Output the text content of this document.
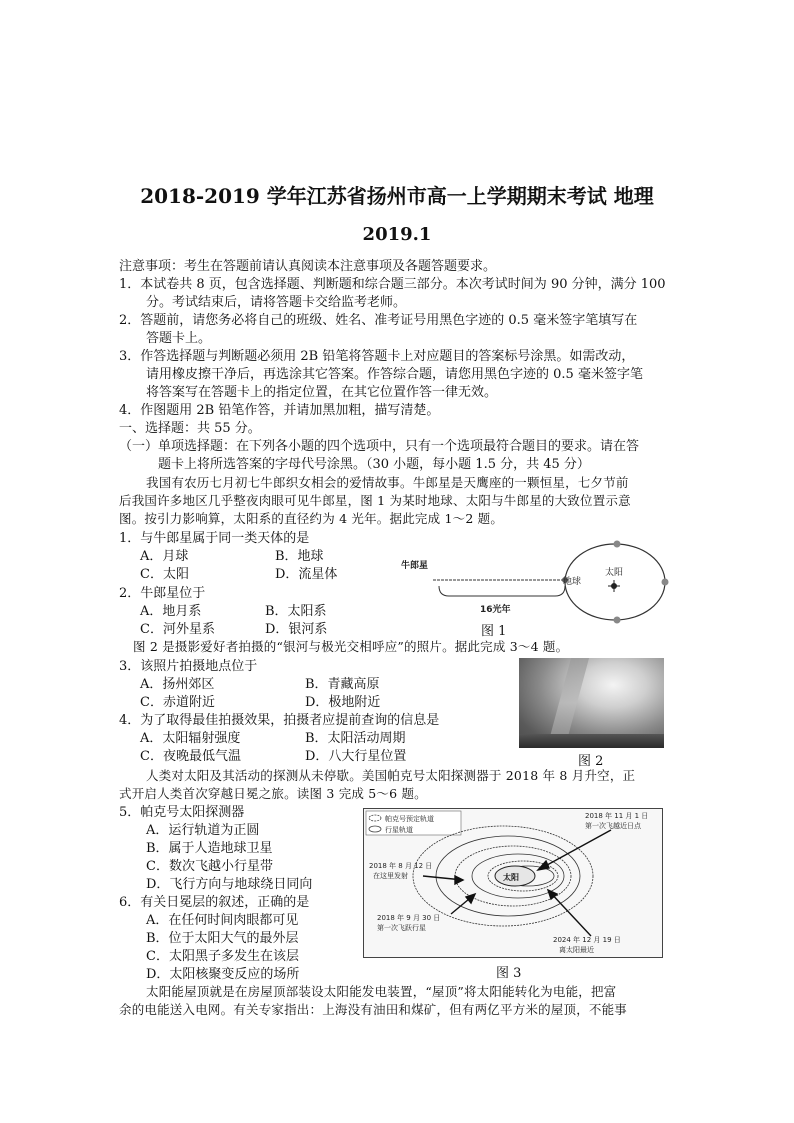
2018-2019 学年江苏省扬州市高一上学期期末考试 地理
2019.1
注意事项：考生在答题前请认真阅读本注意事项及各题答题要求。
1．本试卷共 8 页，包含选择题、判断题和综合题三部分。本次考试时间为 90 分钟，满分 100
分。考试结束后，请将答题卡交给监考老师。
2．答题前，请您务必将自己的班级、姓名、准考证号用黑色字迹的 0.5 毫米签字笔填写在
答题卡上。
3．作答选择题与判断题必须用 2B 铅笔将答题卡上对应题目的答案标号涂黑。如需改动，
请用橡皮擦干净后，再选涂其它答案。作答综合题，请您用黑色字迹的 0.5 毫米签字笔
将答案写在答题卡上的指定位置，在其它位置作答一律无效。
4．作图题用 2B 铅笔作答，并请加黑加粗，描写清楚。
一、选择题：共 55 分。
（一）单项选择题：在下列各小题的四个选项中，只有一个选项最符合题目的要求。请在答
题卡上将所选答案的字母代号涂黑。（30 小题，每小题 1.5 分，共 45 分）
我国有农历七月初七牛郎织女相会的爱情故事。牛郎星是天鹰座的一颗恒星，七夕节前
后我国许多地区几乎整夜肉眼可见牛郎星，图 1 为某时地球、太阳与牛郎星的大致位置示意
图。按引力影响算，太阳系的直径约为 4 光年。据此完成 1～2 题。
1．与牛郎星属于同一类天体的是
A．月球	B．地球
C．太阳	D．流星体
2．牛郎星位于
A．地月系	B．太阳系
C．河外星系	D．银河系
太阳
地球
牛郎星
16光年
图 1
图 2 是摄影爱好者拍摄的“银河与极光交相呼应”的照片。据此完成 3～4 题。
3．该照片拍摄地点位于
A．扬州郊区	B．青藏高原
C．赤道附近	D．极地附近
4．为了取得最佳拍摄效果，拍摄者应提前查询的信息是
A．太阳辐射强度	B．太阳活动周期
C．夜晚最低气温	D．八大行星位置	图 2
人类对太阳及其活动的探测从未停歇。美国帕克号太阳探测器于 2018 年 8 月升空，正
式开启人类首次穿越日冕之旅。读图 3 完成 5～6 题。
5．帕克号太阳探测器
A．运行轨道为正圆
B．属于人造地球卫星
C．数次飞越小行星带
D．飞行方向与地球绕日同向
6．有关日冕层的叙述，正确的是
A．在任何时间肉眼都可见
B．位于太阳大气的最外层
C．太阳黑子多发生在该层
D．太阳核聚变反应的场所
帕克号预定轨道
行星轨道
太阳
2018 年 11 月 1 日
第一次飞越近日点
2018 年 8 月 12 日
在这里发射
2018 年 9 月 30 日
第一次飞跃行星
2024 年 12 月 19 日
离太阳最近
图 3
太阳能屋顶就是在房屋顶部装设太阳能发电装置，“屋顶”将太阳能转化为电能，把富
余的电能送入电网。有关专家指出：上海没有油田和煤矿，但有两亿平方米的屋顶，不能事
